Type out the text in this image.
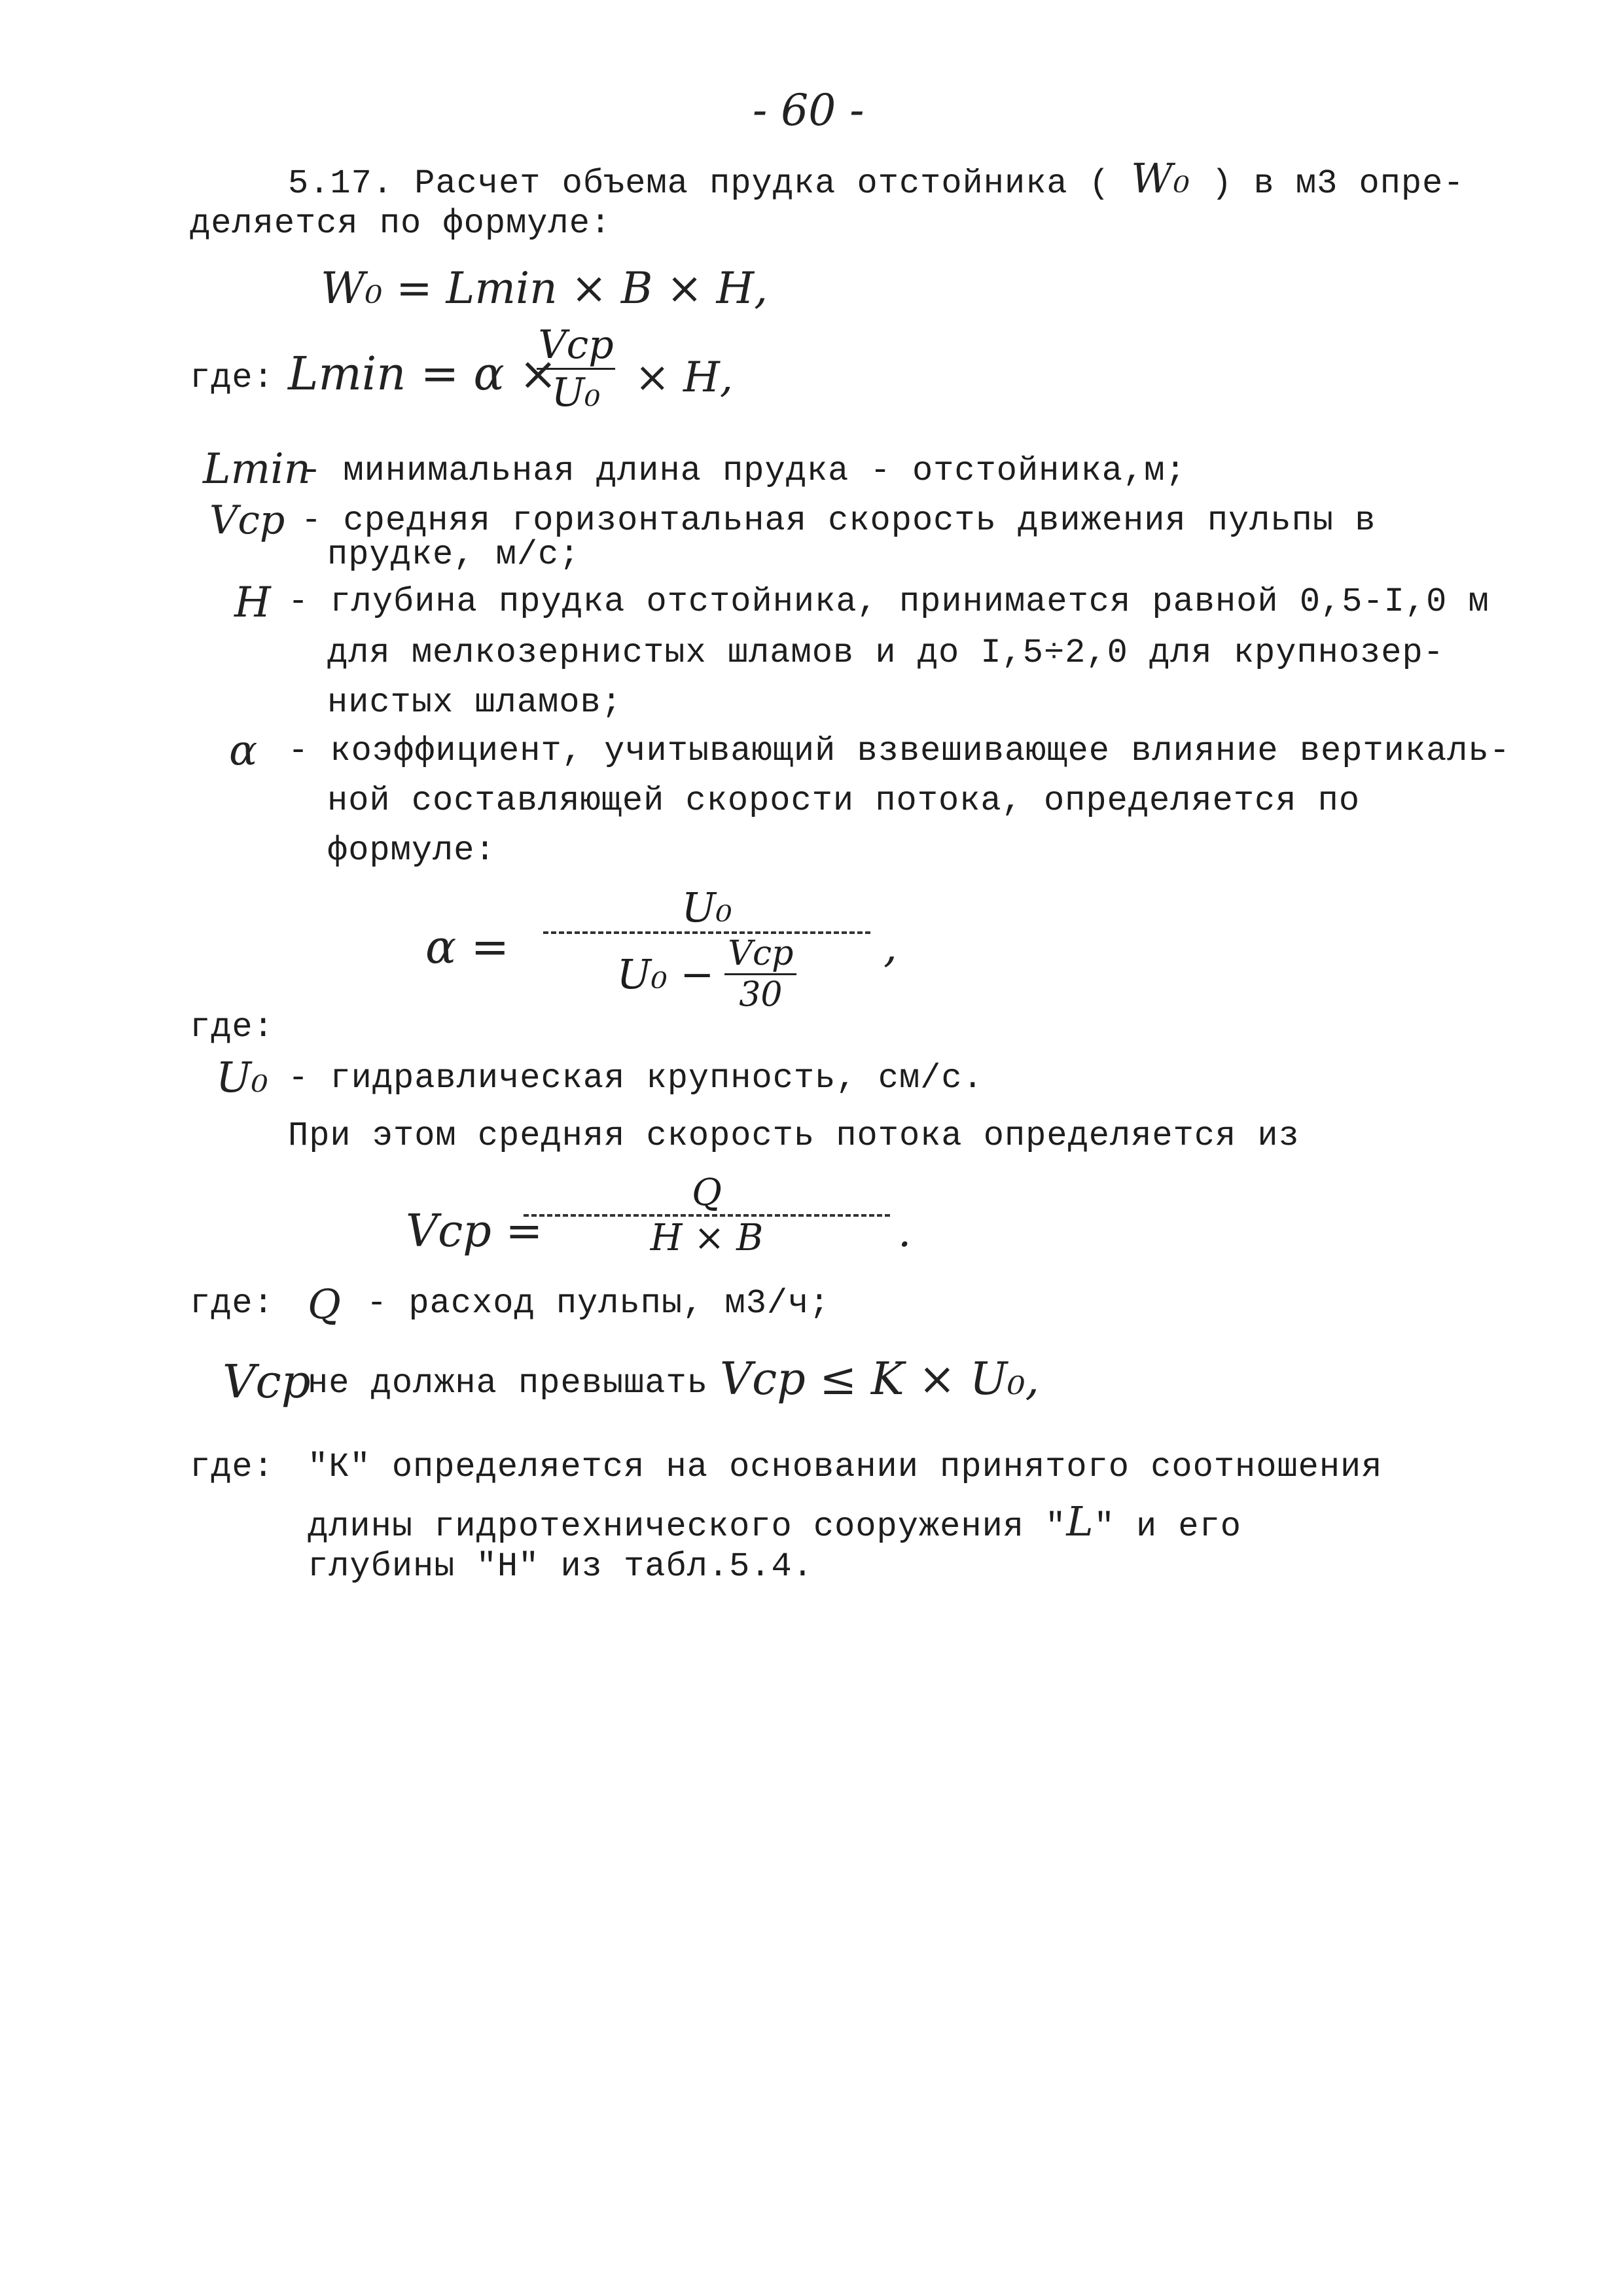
- 60 -
5.17. Расчет объема прудка отстойника ( W₀ ) в м3 опре-
деляется по формуле:
W₀ = Lmin × B × H,
где: Lmin = α ×
Vср
U₀ × H,
Lmin
- минимальная длина прудка - отстойника,м;
Vср - средняя горизонтальная скорость движения пульпы в
прудке, м/с;
H - глубина прудка отстойника, принимается равной 0,5-I,0 м
для мелкозернистых шламов и до I,5÷2,0 для крупнозер-
нистых шламов;
α - коэффициент, учитывающий взвешивающее влияние вертикаль-
ной составляющей скорости потока, определяется по
формуле:
α =
U₀
$U_0 - \frac{\text{Vср}}{30}$ ,
где:
U₀ - гидравлическая крупность, см/с.
При этом средняя скорость потока определяется из
Vср =
Q
H × B	.
где: Q - расход пульпы, м3/ч;
Vср
не должна превышать Vср ≤ K × U₀,
где: "К" определяется на основании принятого соотношения
длины гидротехнического сооружения "L" и его
глубины "Н" из табл.5.4.
